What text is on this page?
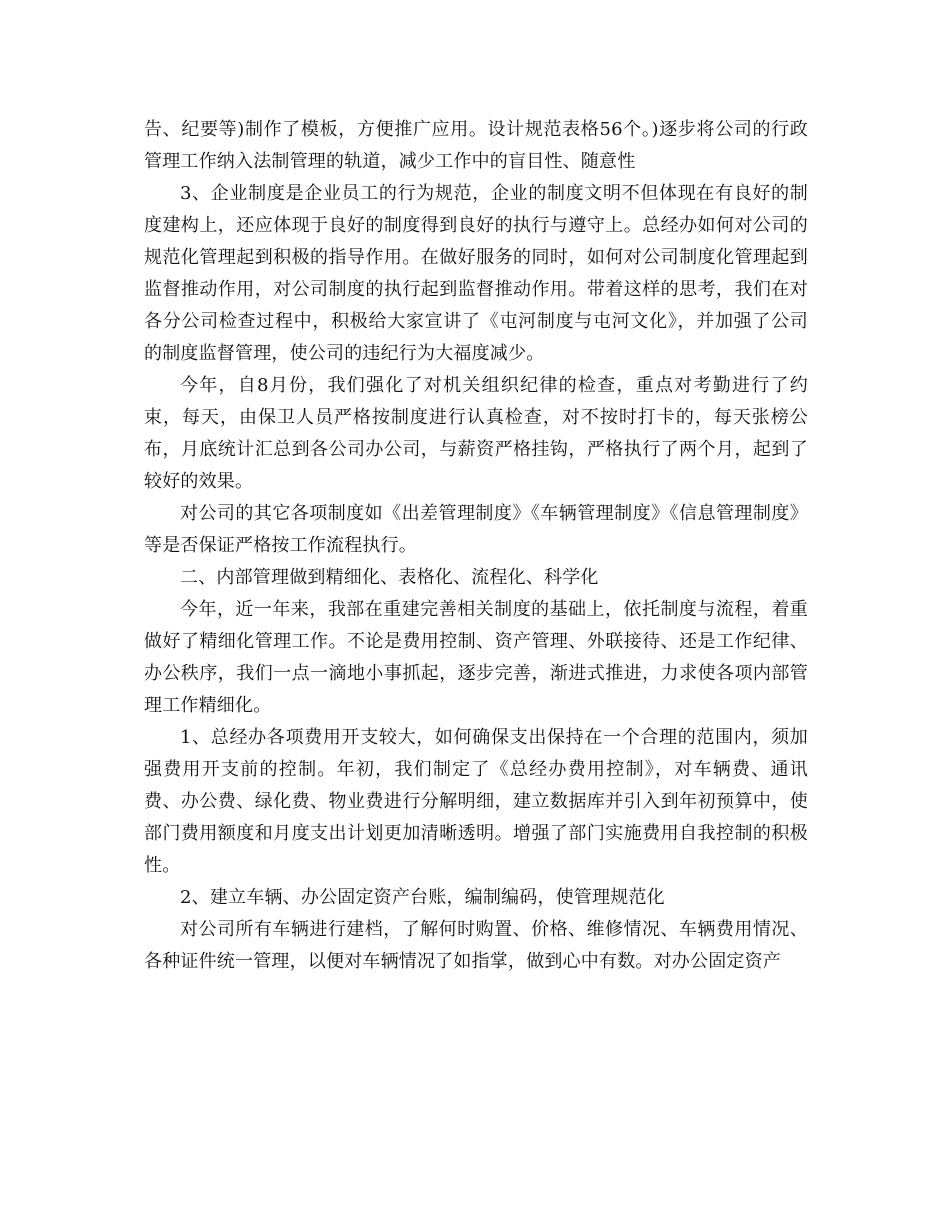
告、纪要等)制作了模板，方便推广应用。设计规范表格56个。)逐步将公司的行政管理工作纳入法制管理的轨道，减少工作中的盲目性、随意性

3、企业制度是企业员工的行为规范，企业的制度文明不但体现在有良好的制度建构上，还应体现于良好的制度得到良好的执行与遵守上。总经办如何对公司的规范化管理起到积极的指导作用。在做好服务的同时，如何对公司制度化管理起到监督推动作用，对公司制度的执行起到监督推动作用。带着这样的思考，我们在对各分公司检查过程中，积极给大家宣讲了《屯河制度与屯河文化》，并加强了公司的制度监督管理，使公司的违纪行为大福度减少。

今年，自8月份，我们强化了对机关组织纪律的检查，重点对考勤进行了约束，每天，由保卫人员严格按制度进行认真检查，对不按时打卡的，每天张榜公布，月底统计汇总到各公司办公司，与薪资严格挂钩，严格执行了两个月，起到了较好的效果。

对公司的其它各项制度如《出差管理制度》《车辆管理制度》《信息管理制度》等是否保证严格按工作流程执行。

二、内部管理做到精细化、表格化、流程化、科学化

今年，近一年来，我部在重建完善相关制度的基础上，依托制度与流程，着重做好了精细化管理工作。不论是费用控制、资产管理、外联接待、还是工作纪律、办公秩序，我们一点一滴地小事抓起，逐步完善，渐进式推进，力求使各项内部管理工作精细化。

1、总经办各项费用开支较大，如何确保支出保持在一个合理的范围内，须加强费用开支前的控制。年初，我们制定了《总经办费用控制》，对车辆费、通讯费、办公费、绿化费、物业费进行分解明细，建立数据库并引入到年初预算中，使部门费用额度和月度支出计划更加清晰透明。增强了部门实施费用自我控制的积极性。

2、建立车辆、办公固定资产台账，编制编码，使管理规范化

对公司所有车辆进行建档，了解何时购置、价格、维修情况、车辆费用情况、各种证件统一管理，以便对车辆情况了如指掌，做到心中有数。对办公固定资产
